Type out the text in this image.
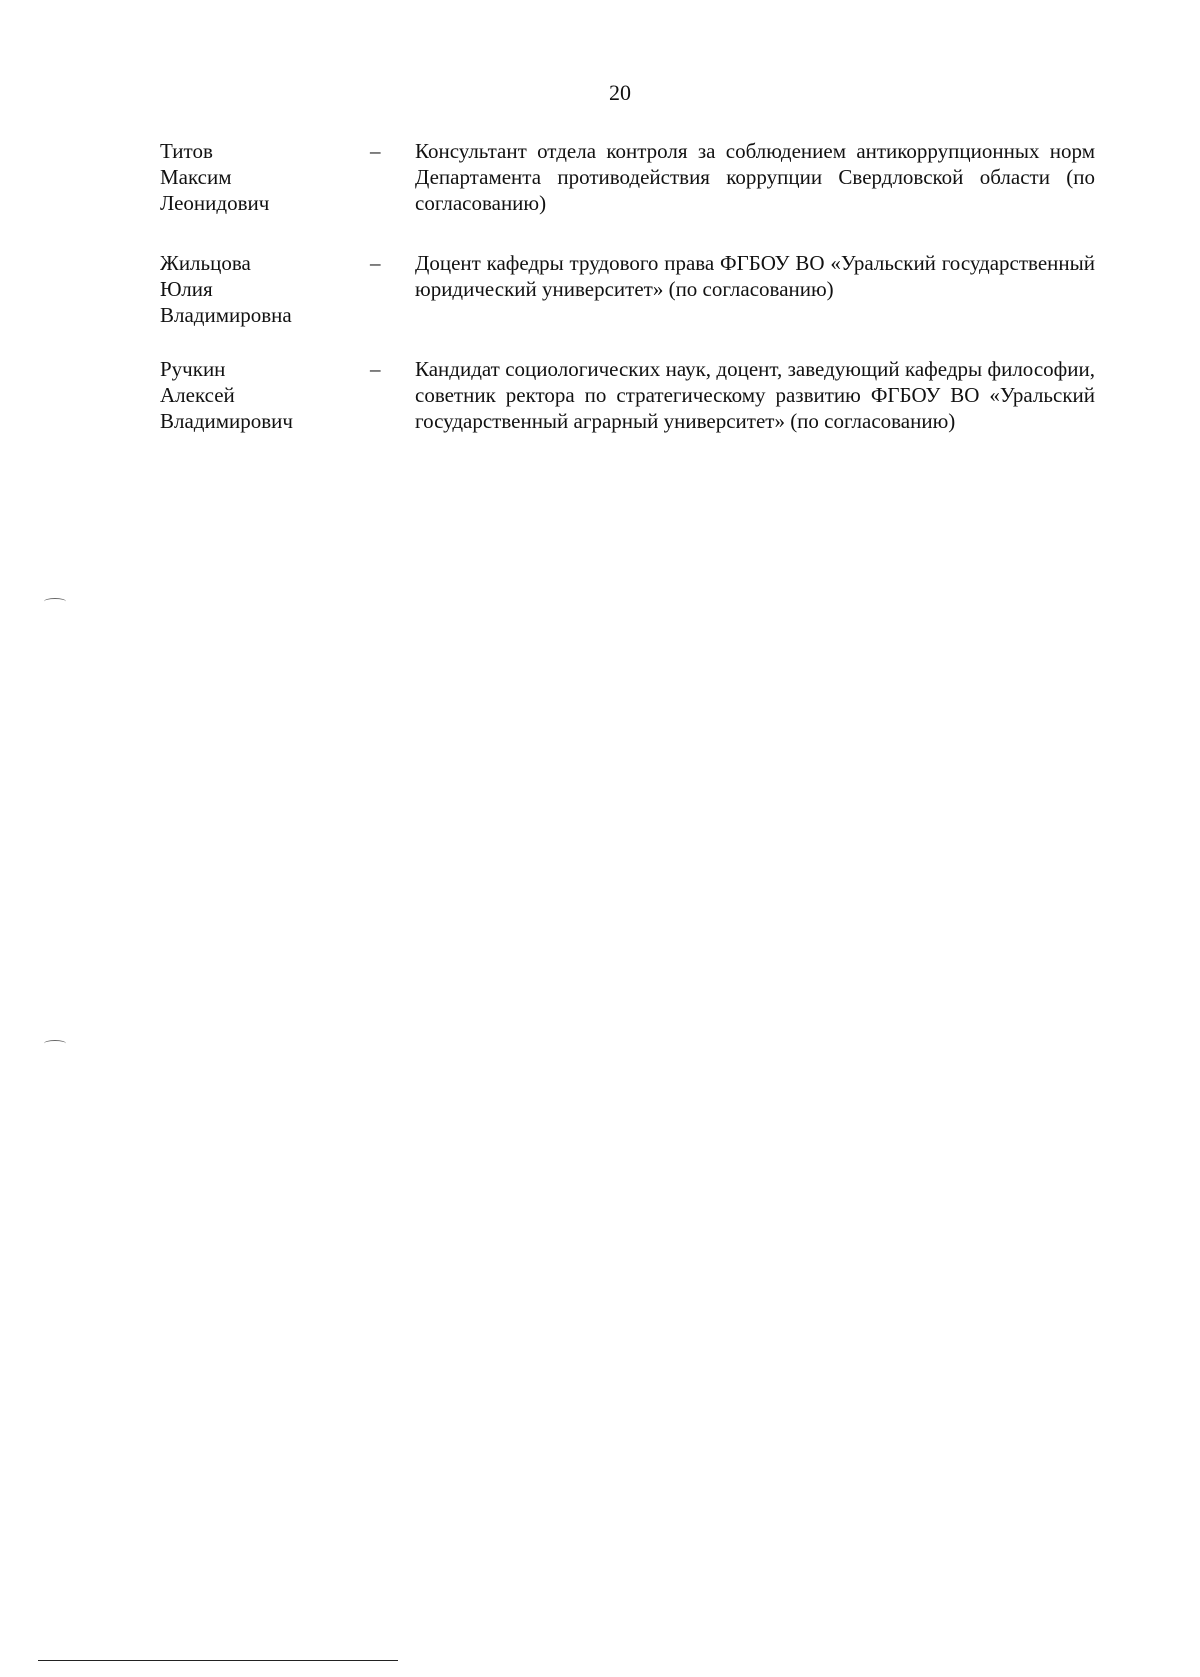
20
Титов
Максим
Леонидович
– Консультант отдела контроля за соблюдением антикоррупционных норм Департамента противодействия коррупции Свердловской области (по согласованию)
Жильцова
Юлия
Владимировна
– Доцент кафедры трудового права ФГБОУ ВО «Уральский государственный юридический университет» (по согласованию)
Ручкин
Алексей
Владимирович
– Кандидат социологических наук, доцент, заведующий кафедры философии, советник ректора по стратегическому развитию ФГБОУ ВО «Уральский государственный аграрный университет» (по согласованию)
